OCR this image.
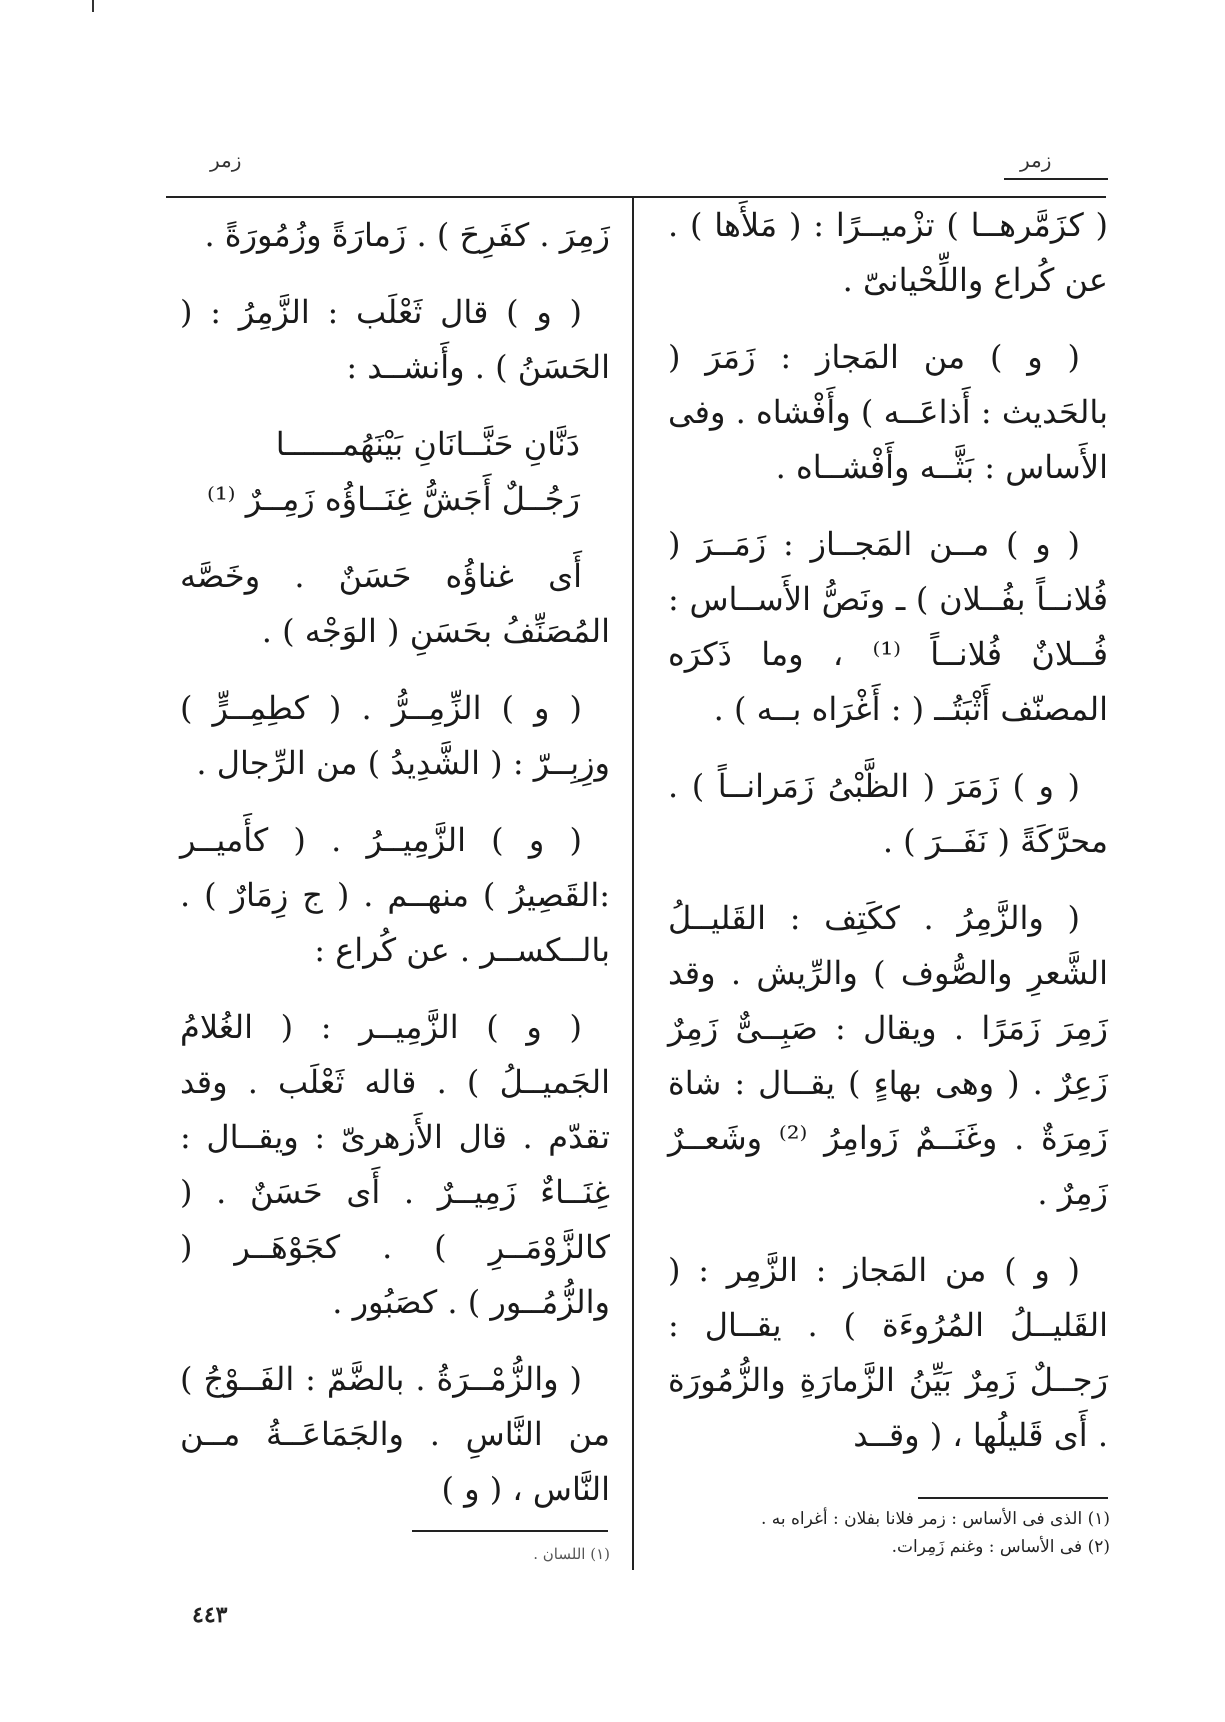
زمر
زمر

( كزَمَّرهــا ) تزْميــرًا : ( مَلأَها ) . عن كُراع واللِّحْيانىّ .

( و ) من المَجاز : زَمَرَ ( بالحَديث : أَذاعَــه ) وأَفْشاه . وفى الأَساس : بَثَّــه وأَفْشــاه .

( و ) مــن المَجــاز : زَمَــرَ ( فُلانــاً بفُــلان ) ـ ونَصُّ الأَســاس : فُــلانٌ فُلانــاً ⁽¹⁾ ، وما ذَكرَه المصنّف أَثْبَتُــ ( : أَغْرَاه بــه ) .

( و ) زَمَرَ ( الظَّبْىُ زَمَرانــاً ) . محرَّكَةً ( نَفَــرَ ) .

( والزَّمِرُ . ككَتِف : القَليــلُ الشَّعرِ والصُّوف ) والرِّيش . وقد زَمِرَ زَمَرًا . ويقال : صَبِــىٌّ زَمِرٌ زَعِرٌ . ( وهى بهاءٍ ) يقــال : شاة زَمِرَةٌ . وغَنَــمٌ زَوامِرُ ⁽²⁾ وشَعــرٌ زَمِرٌ .

( و ) من المَجاز : الزَّمِر : ( القَليــلُ المُرُوءَة ) . يقــال : رَجــلٌ زَمِرٌ بَيِّنُ الزَّمارَةِ والزُّمُورَة . أَى قَليلُها ، ( وقــد

زَمِرَ . كفَرِحَ ) . زَمارَةً وزُمُورَةً .

( و ) قال ثَعْلَب : الزَّمِرُ : ( الحَسَنُ ) . وأَنشــد :

دَنَّانِ حَنَّــانَانِ بَيْنَهُمــــــا

رَجُــلٌ أَجَشُّ غِنَــاؤُه زَمِــرٌ ⁽¹⁾

أَى غناؤُه حَسَنٌ . وخَصَّه المُصَنِّفُ بحَسَنِ ( الوَجْه ) .

( و ) الزِّمِــرُّ . ( كطِمِــرٍّ ) وزِبِــرّ : ( الشَّدِيدُ ) من الرِّجال .

( و ) الزَّمِيــرُ . ( كأَميــر :القَصِيرُ ) منهــم . ( ج زِمَارٌ ) . بالــكســر . عن كُراع :

( و ) الزَّمِيــر : ( الغُلامُ الجَميــلُ ) . قاله ثَعْلَب . وقد تقدّم . قال الأَزهرىّ : ويقــال : غِنَــاءٌ زَمِيــرٌ . أَى حَسَنٌ . ( كالزَّوْمَــرِ ) . كجَوْهَــر ( والزُّمُــور ) . كصَبُور .

( والزُّمْــرَةُ . بالضَّمّ : الفَــوْجُ ) من النَّاسِ . والجَمَاعَــةُ مــن النَّاس ، ( و )

(١) الذى فى الأساس : زمر فلانا بفلان : أغراه به .

(٢) فى الأساس : وغنم زَمِرات.

(١) اللسان .

٤٤٣
